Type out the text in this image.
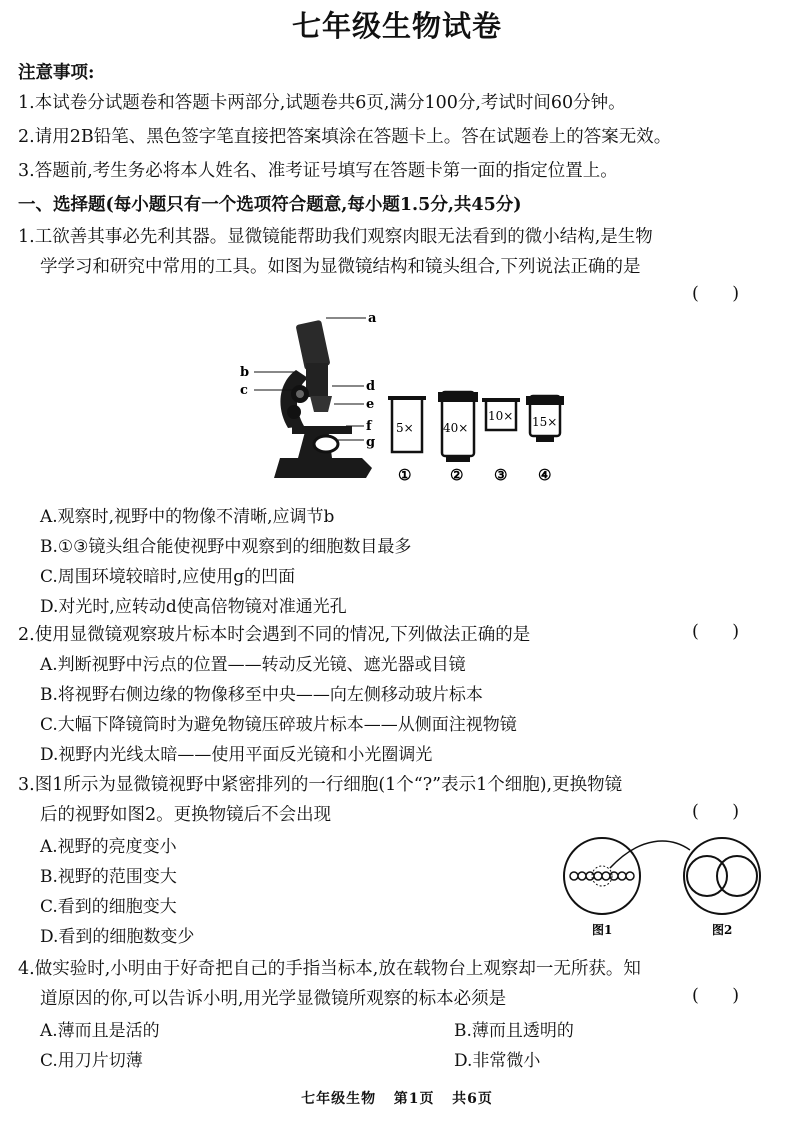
七年级生物试卷
注意事项:
1.本试卷分试题卷和答题卡两部分,试题卷共6页,满分100分,考试时间60分钟。
2.请用2B铅笔、黑色签字笔直接把答案填涂在答题卡上。答在试题卷上的答案无效。
3.答题前,考生务必将本人姓名、准考证号填写在答题卡第一面的指定位置上。
一、选择题(每小题只有一个选项符合题意,每小题1.5分,共45分)
1.工欲善其事必先利其器。显微镜能帮助我们观察肉眼无法看到的微小结构,是生物
学学习和研究中常用的工具。如图为显微镜结构和镜头组合,下列说法正确的是
(      )
a
b
c	d
e
f
g
5×
①
40×
②
10×
③
15×
④
A.观察时,视野中的物像不清晰,应调节b
B.①③镜头组合能使视野中观察到的细胞数目最多
C.周围环境较暗时,应使用g的凹面
D.对光时,应转动d使高倍物镜对准通光孔
2.使用显微镜观察玻片标本时会遇到不同的情况,下列做法正确的是	(      )
A.判断视野中污点的位置——转动反光镜、遮光器或目镜
B.将视野右侧边缘的物像移至中央——向左侧移动玻片标本
C.大幅下降镜筒时为避免物镜压碎玻片标本——从侧面注视物镜
D.视野内光线太暗——使用平面反光镜和小光圈调光
3.图1所示为显微镜视野中紧密排列的一行细胞(1个“?”表示1个细胞),更换物镜
后的视野如图2。更换物镜后不会出现	(      )
A.视野的亮度变小
B.视野的范围变大
C.看到的细胞变大
D.看到的细胞数变少	图1	图2
4.做实验时,小明由于好奇把自己的手指当标本,放在载物台上观察却一无所获。知
道原因的你,可以告诉小明,用光学显微镜所观察的标本必须是	(      )
A.薄而且是活的	B.薄而且透明的
C.用刀片切薄	D.非常微小
七年级生物   第1页   共6页
